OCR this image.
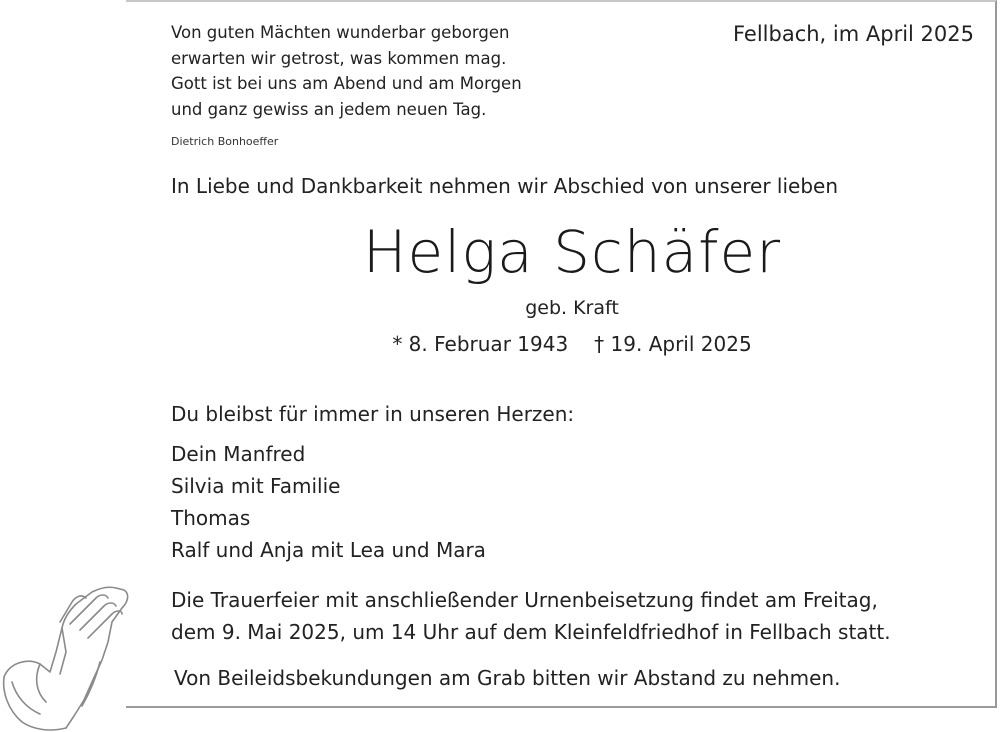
Von guten Mächten wunderbar geborgen
erwarten wir getrost, was kommen mag.
Gott ist bei uns am Abend und am Morgen
und ganz gewiss an jedem neuen Tag.
Dietrich Bonhoeffer
Fellbach, im April 2025
In Liebe und Dankbarkeit nehmen wir Abschied von unserer lieben
Helga Schäfer
geb. Kraft
* 8. Februar 1943 † 19. April 2025
Du bleibst für immer in unseren Herzen:
Dein Manfred
Silvia mit Familie
Thomas
Ralf und Anja mit Lea und Mara
Die Trauerfeier mit anschließender Urnenbeisetzung findet am Freitag,
dem 9. Mai 2025, um 14 Uhr auf dem Kleinfeldfriedhof in Fellbach statt.
Von Beileidsbekundungen am Grab bitten wir Abstand zu nehmen.
